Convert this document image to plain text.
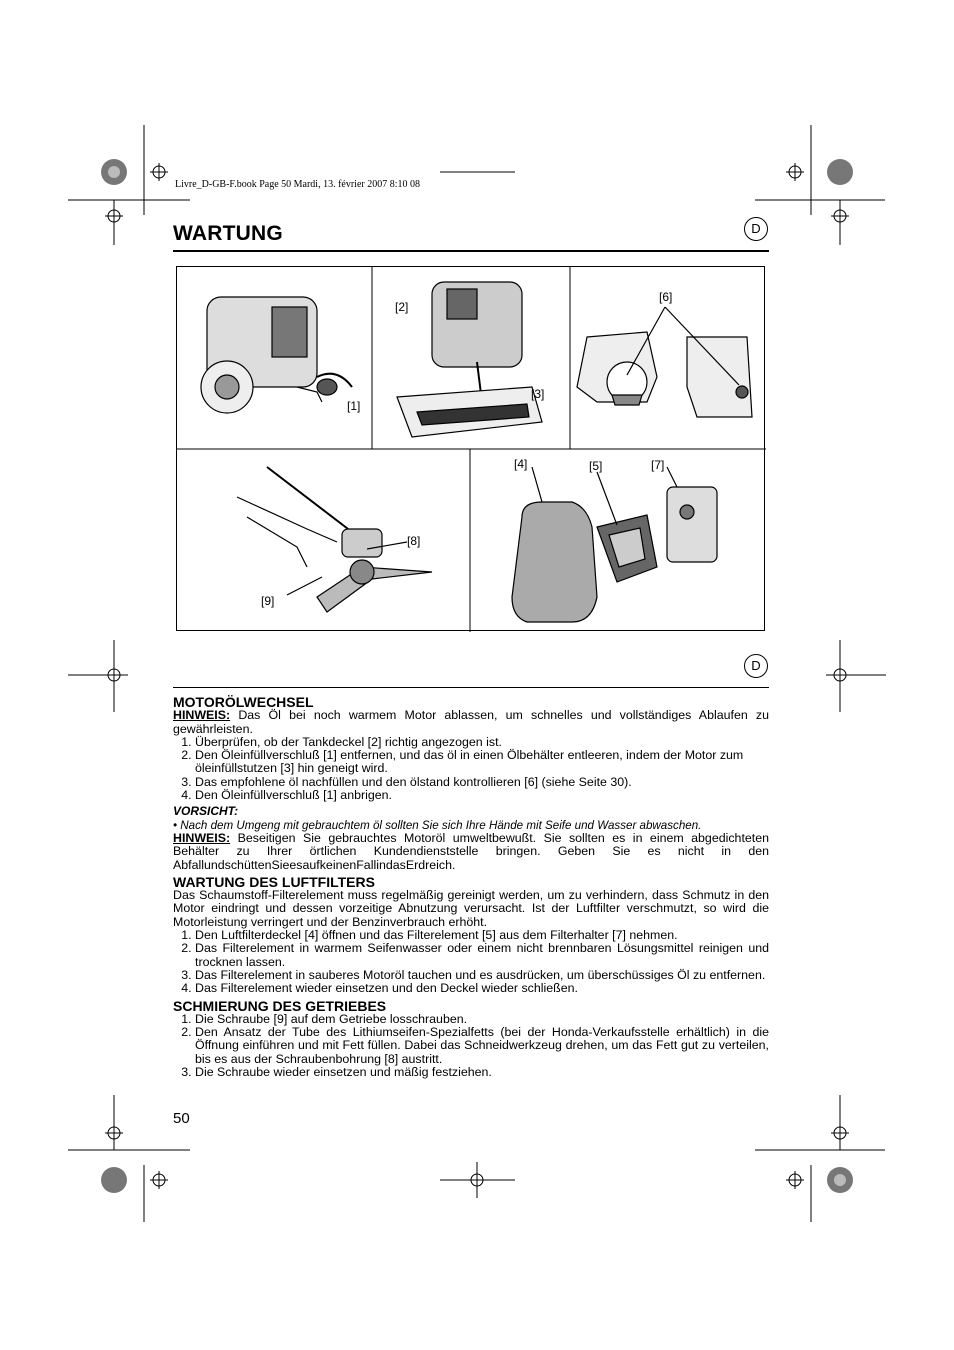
Livre_D-GB-F.book Page 50 Mardi, 13. février 2007 8:10 08
WARTUNG	D
[1]
[2]
[3]
[6]
[4]	[5]	[7]
[8]
[9]
D
MOTORÖLWECHSEL
HINWEIS: Das Öl bei noch warmem Motor ablassen, um schnelles und vollständiges Ablaufen zu gewährleisten.
1. Überprüfen, ob der Tankdeckel [2] richtig angezogen ist.
2. Den Öleinfüllverschluß [1] entfernen, und das öl in einen Ölbehälter entleeren, indem der Motor zum öleinfüllstutzen [3] hin geneigt wird.
3. Das empfohlene öl nachfüllen und den ölstand kontrollieren [6] (siehe Seite 30).
4. Den Öleinfüllverschluß [1] anbrigen.
VORSICHT:
• Nach dem Umgeng mit gebrauchtem öl sollten Sie sich Ihre Hände mit Seife und Wasser abwaschen.
HINWEIS: Beseitigen Sie gebrauchtes Motoröl umweltbewußt. Sie sollten es in einem abgedichteten Behälter zu Ihrer örtlichen Kundendienststelle bringen. Geben Sie es nicht in den AbfallundschüttenSieesaufkeinenFallindasErdreich.
WARTUNG DES LUFTFILTERS
Das Schaumstoff-Filterelement muss regelmäßig gereinigt werden, um zu verhindern, dass Schmutz in den Motor eindringt und dessen vorzeitige Abnutzung verursacht. Ist der Luftfilter verschmutzt, so wird die Motorleistung verringert und der Benzinverbrauch erhöht.
1. Den Luftfilterdeckel [4] öffnen und das Filterelement [5] aus dem Filterhalter [7] nehmen.
2. Das Filterelement in warmem Seifenwasser oder einem nicht brennbaren Lösungsmittel reinigen und trocknen lassen.
3. Das Filterelement in sauberes Motoröl tauchen und es ausdrücken, um überschüssiges Öl zu entfernen.
4. Das Filterelement wieder einsetzen und den Deckel wieder schließen.
SCHMIERUNG DES GETRIEBES
1. Die Schraube [9] auf dem Getriebe losschrauben.
2. Den Ansatz der Tube des Lithiumseifen-Spezialfetts (bei der Honda-Verkaufsstelle erhältlich) in die Öffnung einführen und mit Fett füllen. Dabei das Schneidwerkzeug drehen, um das Fett gut zu verteilen, bis es aus der Schraubenbohrung [8] austritt.
3. Die Schraube wieder einsetzen und mäßig festziehen.
50
